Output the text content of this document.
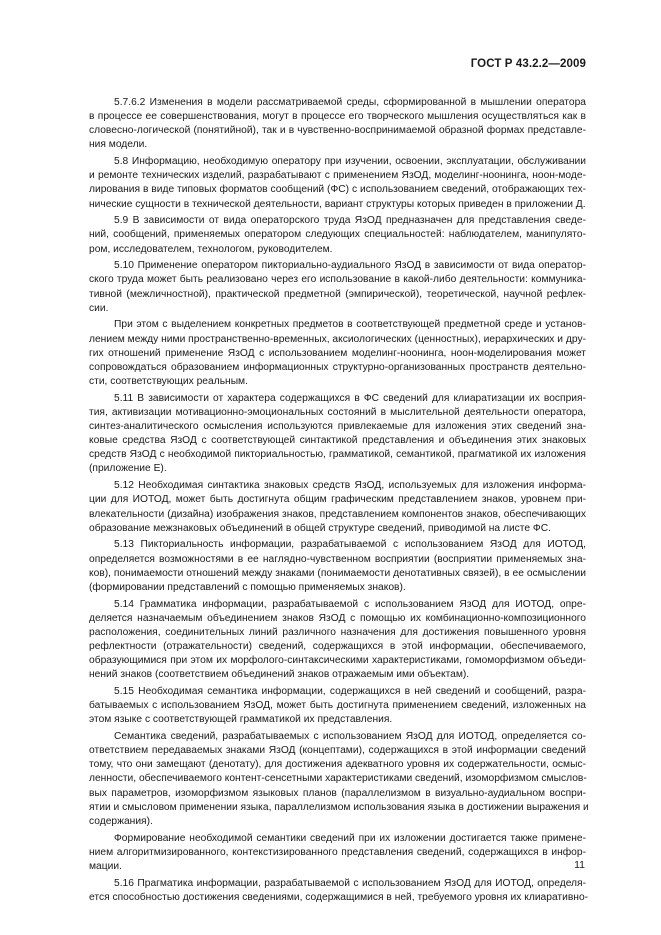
ГОСТ Р 43.2.2—2009
5.7.6.2 Изменения в модели рассматриваемой среды, сформированной в мышлении оператора
в процессе ее совершенствования, могут в процессе его творческого мышления осуществляться как в
словесно-логической (понятийной), так и в чувственно-воспринимаемой образной формах представле-
ния модели.
5.8 Информацию, необходимую оператору при изучении, освоении, эксплуатации, обслуживании
и ремонте технических изделий, разрабатывают с применением ЯзОД, моделинг-ноонинга, ноон-моде-
лирования в виде типовых форматов сообщений (ФС) с использованием сведений, отображающих тех-
нические сущности в технической деятельности, вариант структуры которых приведен в приложении Д.
5.9 В зависимости от вида операторского труда ЯзОД предназначен для представления сведе-
ний, сообщений, применяемых оператором следующих специальностей: наблюдателем, манипулято-
ром, исследователем, технологом, руководителем.
5.10 Применение оператором пикториально-аудиального ЯзОД в зависимости от вида оператор-
ского труда может быть реализовано через его использование в какой-либо деятельности: коммуника-
тивной (межличностной), практической предметной (эмпирической), теоретической, научной рефлек-
сии.
При этом с выделением конкретных предметов в соответствующей предметной среде и установ-
лением между ними пространственно-временных, аксиологических (ценностных), иерархических и дру-
гих отношений применение ЯзОД с использованием моделинг-ноонинга, ноон-моделирования может
сопровождаться образованием информационных структурно-организованных пространств деятельно-
сти, соответствующих реальным.
5.11 В зависимости от характера содержащихся в ФС сведений для клиаратизации их восприя-
тия, активизации мотивационно-эмоциональных состояний в мыслительной деятельности оператора,
синтез-аналитического осмысления используются привлекаемые для изложения этих сведений зна-
ковые средства ЯзОД с соответствующей синтактикой представления и объединения этих знаковых
средств ЯзОД с необходимой пикториальностью, грамматикой, семантикой, прагматикой их изложения
(приложение Е).
5.12 Необходимая синтактика знаковых средств ЯзОД, используемых для изложения информа-
ции для ИОТОД, может быть достигнута общим графическим представлением знаков, уровнем при-
влекательности (дизайна) изображения знаков, представлением компонентов знаков, обеспечивающих
образование межзнаковых объединений в общей структуре сведений, приводимой на листе ФС.
5.13 Пикториальность информации, разрабатываемой с использованием ЯзОД для ИОТОД,
определяется возможностями в ее наглядно-чувственном восприятии (восприятии применяемых зна-
ков), понимаемости отношений между знаками (понимаемости денотативных связей), в ее осмыслении
(формировании представлений с помощью применяемых знаков).
5.14 Грамматика информации, разрабатываемой с использованием ЯзОД для ИОТОД, опре-
деляется назначаемым объединением знаков ЯзОД с помощью их комбинационно-композиционного
расположения, соединительных линий различного назначения для достижения повышенного уровня
рефлектности (отражательности) сведений, содержащихся в этой информации, обеспечиваемого,
образующимися при этом их морфолого-синтаксическими характеристиками, гомоморфизмом объеди-
нений знаков (соответствием объединений знаков отражаемым ими объектам).
5.15 Необходимая семантика информации, содержащихся в ней сведений и сообщений, разра-
батываемых с использованием ЯзОД, может быть достигнута применением сведений, изложенных на
этом языке с соответствующей грамматикой их представления.
Семантика сведений, разрабатываемых с использованием ЯзОД для ИОТОД, определяется со-
ответствием передаваемых знаками ЯзОД (концептами), содержащихся в этой информации сведений
тому, что они замещают (денотату), для достижения адекватного уровня их содержательности, осмыс-
ленности, обеспечиваемого контент-сенсетными характеристиками сведений, изоморфизмом смыслов-
вых параметров, изоморфизмом языковых планов (параллелизмом в визуально-аудиальном воспри-
ятии и смысловом применении языка, параллелизмом использования языка в достижении выражения и
содержания).
Формирование необходимой семантики сведений при их изложении достигается также примене-
нием алгоритмизированного, контекстизированного представления сведений, содержащихся в инфор-
мации.
5.16 Прагматика информации, разрабатываемой с использованием ЯзОД для ИОТОД, определя-
ется способностью достижения сведениями, содержащимися в ней, требуемого уровня их клиаративно-
11
